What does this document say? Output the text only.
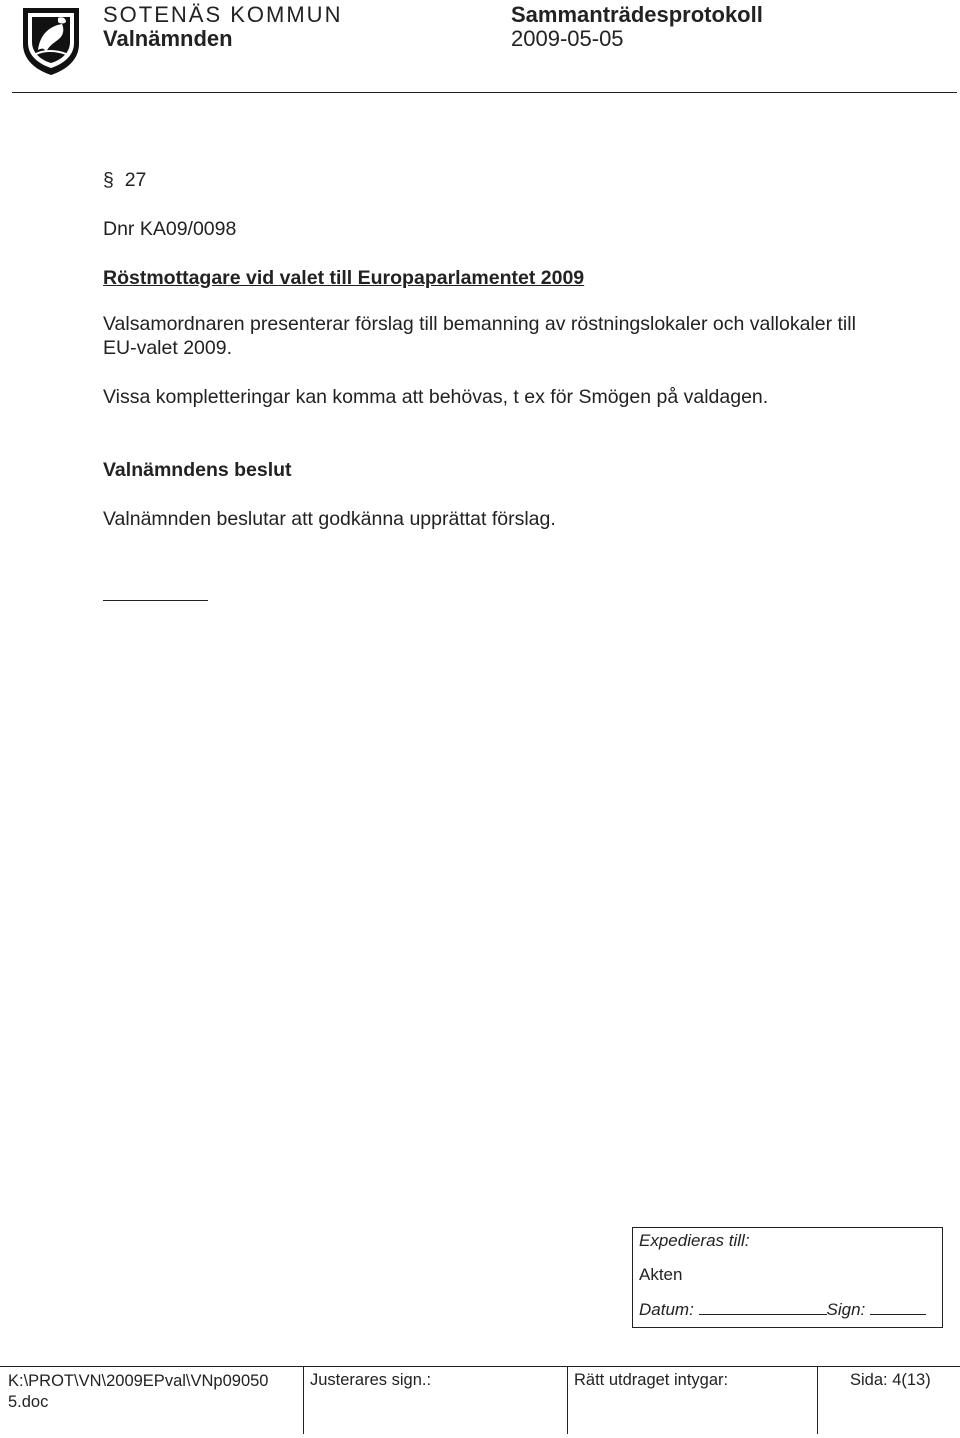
SOTENÄS KOMMUN
Valnämnden
Sammanträdesprotokoll
2009-05-05
§ 27
Dnr KA09/0098
Röstmottagare vid valet till Europaparlamentet 2009
Valsamordnaren presenterar förslag till bemanning av röstningslokaler och vallokaler till EU-valet 2009.
Vissa kompletteringar kan komma att behövas, t ex för Smögen på valdagen.
Valnämndens beslut
Valnämnden beslutar att godkänna upprättat förslag.
Expedieras till:
Akten
Datum:	Sign:
K:\PROT\VN\2009EPval\VNp09050
5.doc
Justerares sign.:	Rätt utdraget intygar:	Sida: 4(13)
